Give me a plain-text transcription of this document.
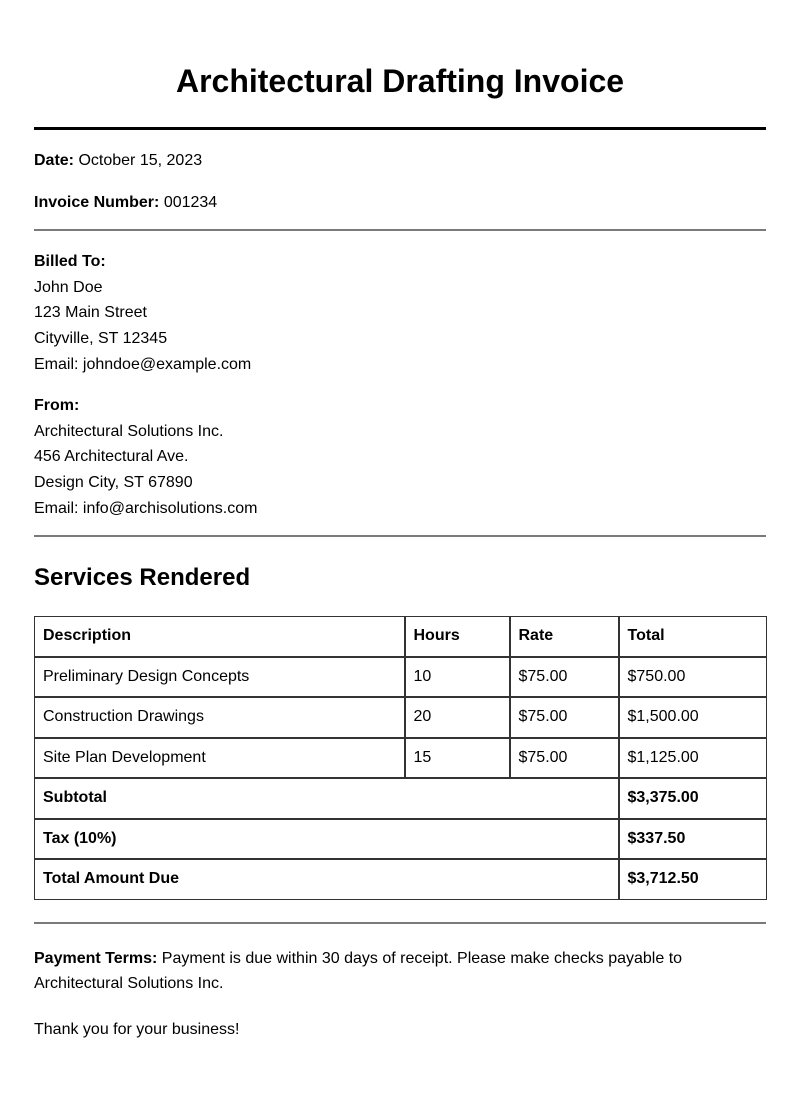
Architectural Drafting Invoice
Date: October 15, 2023
Invoice Number: 001234
Billed To:
John Doe
123 Main Street
Cityville, ST 12345
Email: johndoe@example.com
From:
Architectural Solutions Inc.
456 Architectural Ave.
Design City, ST 67890
Email: info@archisolutions.com
Services Rendered
Description	Hours	Rate	Total
Preliminary Design Concepts	10	$75.00	$750.00
Construction Drawings	20	$75.00	$1,500.00
Site Plan Development	15	$75.00	$1,125.00
Subtotal			$3,375.00
Tax (10%)			$337.50
Total Amount Due			$3,712.50
Payment Terms: Payment is due within 30 days of receipt. Please make checks payable to Architectural Solutions Inc.
Thank you for your business!
